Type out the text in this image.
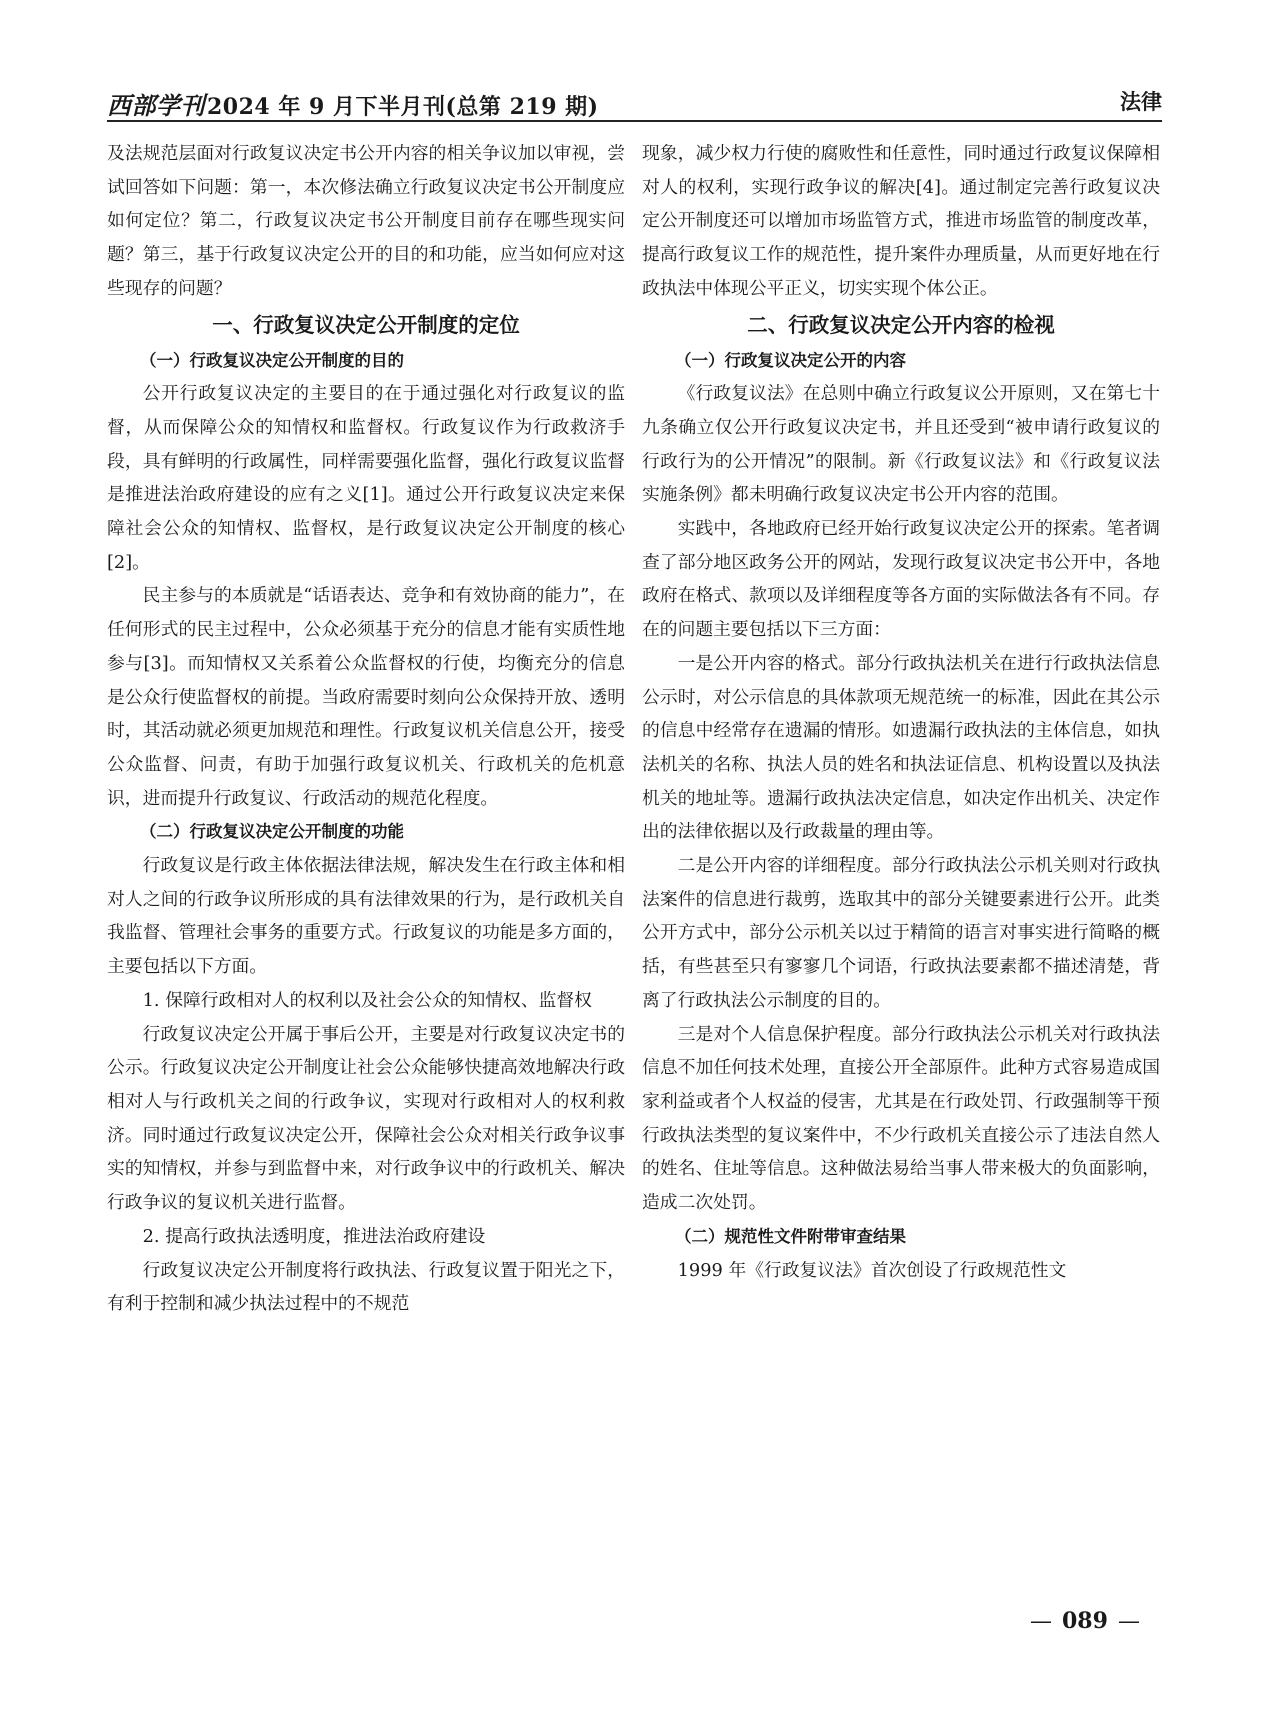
西部学刊2024 年 9 月下半月刊(总第 219 期)	法律

及法规范层面对行政复议决定书公开内容的相关争议加以审视，尝试回答如下问题：第一，本次修法确立行政复议决定书公开制度应如何定位？第二，行政复议决定书公开制度目前存在哪些现实问题？第三，基于行政复议决定公开的目的和功能，应当如何应对这些现存的问题？

一、行政复议决定公开制度的定位
（一）行政复议决定公开制度的目的

公开行政复议决定的主要目的在于通过强化对行政复议的监督，从而保障公众的知情权和监督权。行政复议作为行政救济手段，具有鲜明的行政属性，同样需要强化监督，强化行政复议监督是推进法治政府建设的应有之义[1]。通过公开行政复议决定来保障社会公众的知情权、监督权，是行政复议决定公开制度的核心[2]。

民主参与的本质就是“话语表达、竞争和有效协商的能力”，在任何形式的民主过程中，公众必须基于充分的信息才能有实质性地参与[3]。而知情权又关系着公众监督权的行使，均衡充分的信息是公众行使监督权的前提。当政府需要时刻向公众保持开放、透明时，其活动就必须更加规范和理性。行政复议机关信息公开，接受公众监督、问责，有助于加强行政复议机关、行政机关的危机意识，进而提升行政复议、行政活动的规范化程度。

（二）行政复议决定公开制度的功能

行政复议是行政主体依据法律法规，解决发生在行政主体和相对人之间的行政争议所形成的具有法律效果的行为，是行政机关自我监督、管理社会事务的重要方式。行政复议的功能是多方面的，主要包括以下方面。

1. 保障行政相对人的权利以及社会公众的知情权、监督权

行政复议决定公开属于事后公开，主要是对行政复议决定书的公示。行政复议决定公开制度让社会公众能够快捷高效地解决行政相对人与行政机关之间的行政争议，实现对行政相对人的权利救济。同时通过行政复议决定公开，保障社会公众对相关行政争议事实的知情权，并参与到监督中来，对行政争议中的行政机关、解决行政争议的复议机关进行监督。

2. 提高行政执法透明度，推进法治政府建设

行政复议决定公开制度将行政执法、行政复议置于阳光之下，有利于控制和减少执法过程中的不规范

现象，减少权力行使的腐败性和任意性，同时通过行政复议保障相对人的权利，实现行政争议的解决[4]。通过制定完善行政复议决定公开制度还可以增加市场监管方式，推进市场监管的制度改革，提高行政复议工作的规范性，提升案件办理质量，从而更好地在行政执法中体现公平正义，切实实现个体公正。

二、行政复议决定公开内容的检视
（一）行政复议决定公开的内容

《行政复议法》在总则中确立行政复议公开原则，又在第七十九条确立仅公开行政复议决定书，并且还受到“被申请行政复议的行政行为的公开情况”的限制。新《行政复议法》和《行政复议法实施条例》都未明确行政复议决定书公开内容的范围。

实践中，各地政府已经开始行政复议决定公开的探索。笔者调查了部分地区政务公开的网站，发现行政复议决定书公开中，各地政府在格式、款项以及详细程度等各方面的实际做法各有不同。存在的问题主要包括以下三方面：

一是公开内容的格式。部分行政执法机关在进行行政执法信息公示时，对公示信息的具体款项无规范统一的标准，因此在其公示的信息中经常存在遗漏的情形。如遗漏行政执法的主体信息，如执法机关的名称、执法人员的姓名和执法证信息、机构设置以及执法机关的地址等。遗漏行政执法决定信息，如决定作出机关、决定作出的法律依据以及行政裁量的理由等。

二是公开内容的详细程度。部分行政执法公示机关则对行政执法案件的信息进行裁剪，选取其中的部分关键要素进行公开。此类公开方式中，部分公示机关以过于精简的语言对事实进行简略的概括，有些甚至只有寥寥几个词语，行政执法要素都不描述清楚，背离了行政执法公示制度的目的。

三是对个人信息保护程度。部分行政执法公示机关对行政执法信息不加任何技术处理，直接公开全部原件。此种方式容易造成国家利益或者个人权益的侵害，尤其是在行政处罚、行政强制等干预行政执法类型的复议案件中，不少行政机关直接公示了违法自然人的姓名、住址等信息。这种做法易给当事人带来极大的负面影响，造成二次处罚。

（二）规范性文件附带审查结果

1999 年《行政复议法》首次创设了行政规范性文

— 089 —
